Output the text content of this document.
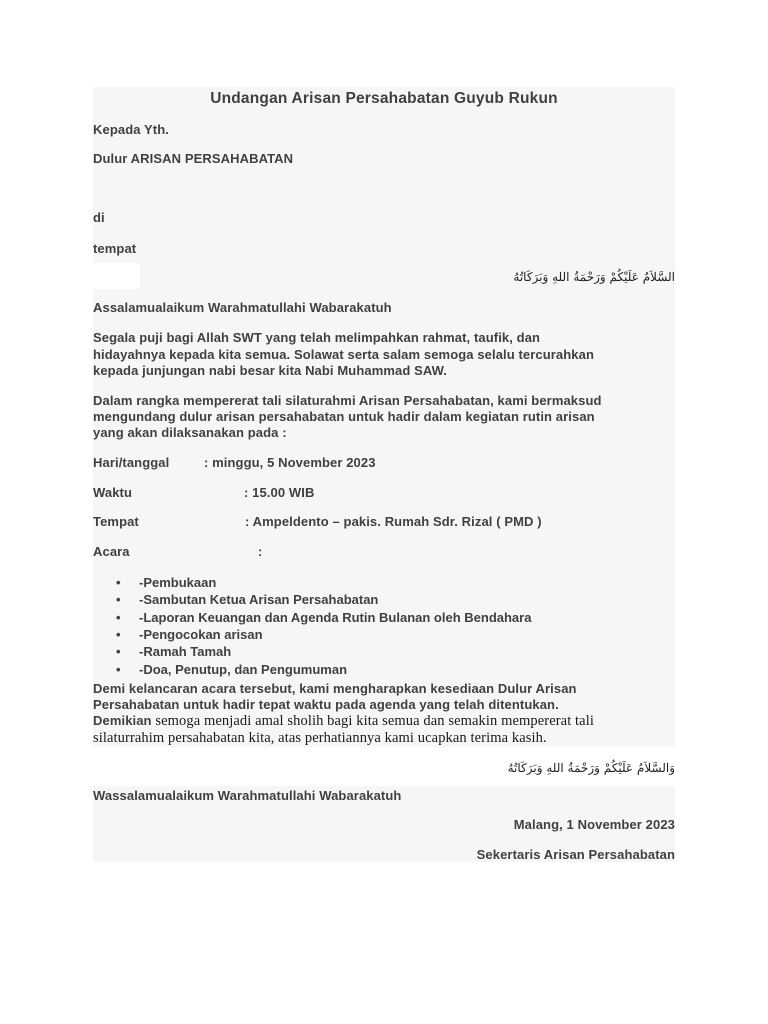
Undangan Arisan Persahabatan Guyub Rukun
Kepada Yth.
Dulur ARISAN PERSAHABATAN
di
tempat
السَّلاَمُ عَلَيْكُمْ وَرَحْمَةُ اللهِ وَبَرَكَاتُهُ
Assalamualaikum Warahmatullahi Wabarakatuh
Segala puji bagi Allah SWT yang telah melimpahkan rahmat, taufik, dan
hidayahnya kepada kita semua. Solawat serta salam semoga selalu tercurahkan
kepada junjungan nabi besar kita Nabi Muhammad SAW.
Dalam rangka mempererat tali silaturahmi Arisan Persahabatan, kami bermaksud
mengundang dulur arisan persahabatan untuk hadir dalam kegiatan rutin arisan
yang akan dilaksanakan pada :
Hari/tanggal	: minggu, 5 November 2023
Waktu	: 15.00 WIB
Tempat	: Ampeldento – pakis. Rumah Sdr. Rizal ( PMD )
Acara	:
• -Pembukaan
• -Sambutan Ketua Arisan Persahabatan
• -Laporan Keuangan dan Agenda Rutin Bulanan oleh Bendahara
• -Pengocokan arisan
• -Ramah Tamah
• -Doa, Penutup, dan Pengumuman
Demi kelancaran acara tersebut, kami mengharapkan kesediaan Dulur Arisan
Persahabatan untuk hadir tepat waktu pada agenda yang telah ditentukan.
Demikian semoga menjadi amal sholih bagi kita semua dan semakin mempererat tali
silaturrahim persahabatan kita, atas perhatiannya kami ucapkan terima kasih.
وَالسَّلاَمُ عَلَيْكُمْ وَرَحْمَةُ اللهِ وَبَرَكَاتُهُ
Wassalamualaikum Warahmatullahi Wabarakatuh
Malang, 1 November 2023
Sekertaris Arisan Persahabatan
